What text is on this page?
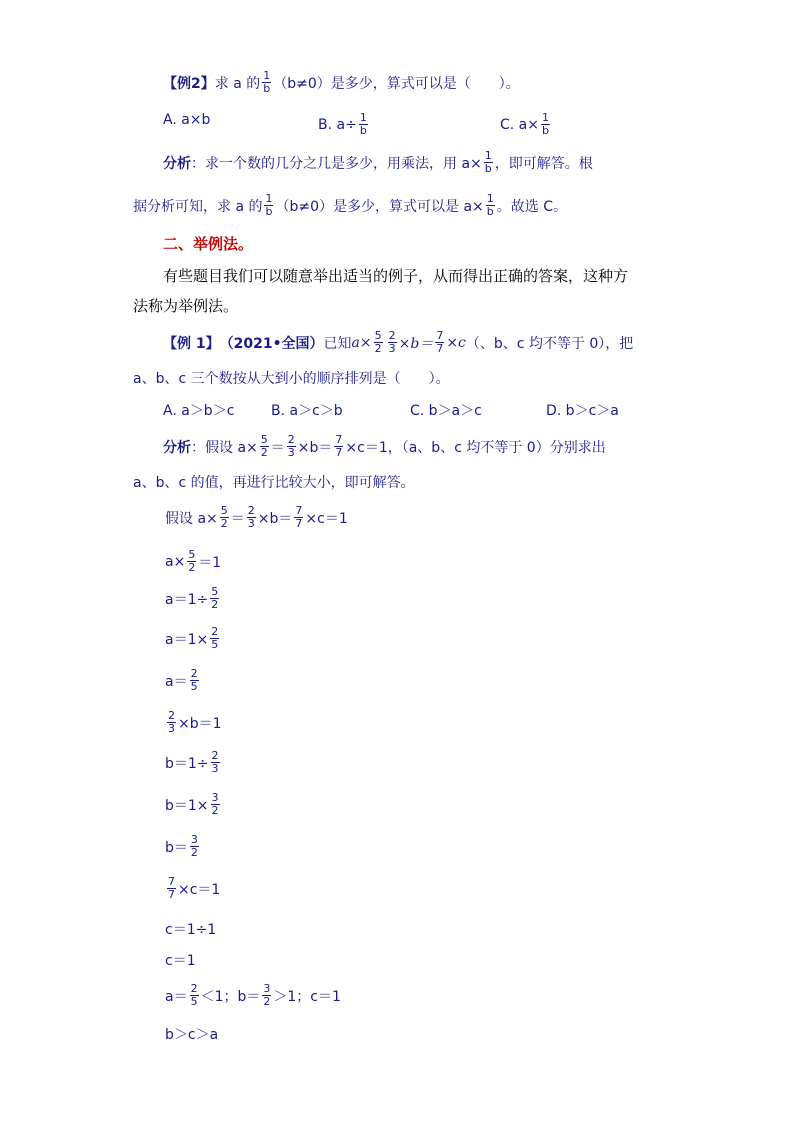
【例2】 求 a 的 1
b （b≠0）是多少，算式可以是（　　）。
A. a×b	B. $a\div \frac{1}{b}$	C. $a\times \frac{1}{b}$
分析 ：求一个数的几分之几是多少，用乘法，用 $a\times \frac{1}{b}$ ，即可解答。根
据分析可知，求 a 的 1
b （b≠0）是多少，算式可以是 $a\times \frac{1}{b}$ 。故选 C。
二、举例法。
有些题目我们可以随意举出适当的例子，从而得出正确的答案，这种方
法称为举例法。
【例 1】 （2021•全国） 已知 $a\times \frac{5}{2} \frac{2}{3} \times b= \frac{7}{7} \times c$ （、b、c 均不等于 0），把
a、b、c 三个数按从大到小的顺序排列是（　　）。
A. a＞b＞c	B. a＞c＞b	C. b＞a＞c	D. b＞c＞a
分析 ：假设 $a\times \frac{5}{2} = \frac{2}{3} \times b= \frac{7}{7} \times c=1$，（a、b、c 均不等于 0）分别求出
a、b、c 的值，再进行比较大小，即可解答。
假设 $a\times \frac{5}{2} = \frac{2}{3} \times b= \frac{7}{7} \times c=1$
$a\times \frac{5}{2} =1$
$a=1\div \frac{5}{2}$
$a=1\times \frac{2}{5}$
a＝ 2
5
$\frac{2}{3} \times b=1$
$b=1\div \frac{2}{3}$
$b=1\times \frac{3}{2}$
b＝ 3
2
$\frac{7}{7} \times c=1$
c＝1÷1
c＝1
a＝ 2
5 ＜1；b＝ 3
2 ＞1；c＝1
b＞c＞a
